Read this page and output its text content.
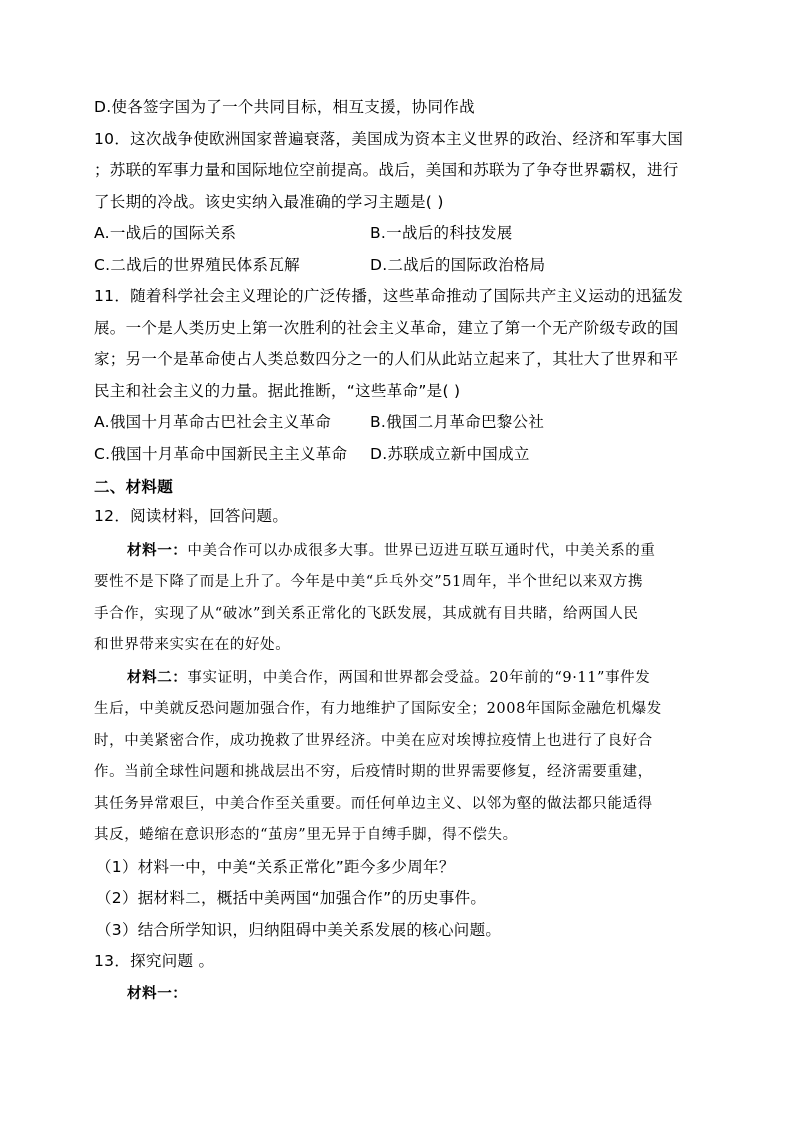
D.使各签字国为了一个共同目标，相互支援，协同作战
10．这次战争使欧洲国家普遍衰落，美国成为资本主义世界的政治、经济和军事大国
；苏联的军事力量和国际地位空前提高。战后，美国和苏联为了争夺世界霸权，进行
了长期的冷战。该史实纳入最准确的学习主题是( )
A.一战后的国际关系	B.一战后的科技发展
C.二战后的世界殖民体系瓦解	D.二战后的国际政治格局
11．随着科学社会主义理论的广泛传播，这些革命推动了国际共产主义运动的迅猛发
展。一个是人类历史上第一次胜利的社会主义革命，建立了第一个无产阶级专政的国
家；另一个是革命使占人类总数四分之一的人们从此站立起来了，其壮大了世界和平
民主和社会主义的力量。据此推断，“这些革命”是( )
A.俄国十月革命古巴社会主义革命	B.俄国二月革命巴黎公社
C.俄国十月革命中国新民主主义革命	D.苏联成立新中国成立
二、材料题
12．阅读材料，回答问题。
材料一：中美合作可以办成很多大事。世界已迈进互联互通时代，中美关系的重
要性不是下降了而是上升了。今年是中美“乒乓外交”51周年，半个世纪以来双方携
手合作，实现了从“破冰”到关系正常化的飞跃发展，其成就有目共睹，给两国人民
和世界带来实实在在的好处。
材料二：事实证明，中美合作，两国和世界都会受益。20年前的“9·11”事件发
生后，中美就反恐问题加强合作，有力地维护了国际安全；2008年国际金融危机爆发
时，中美紧密合作，成功挽救了世界经济。中美在应对埃博拉疫情上也进行了良好合
作。当前全球性问题和挑战层出不穷，后疫情时期的世界需要修复，经济需要重建，
其任务异常艰巨，中美合作至关重要。而任何单边主义、以邻为壑的做法都只能适得
其反，蜷缩在意识形态的“茧房”里无异于自缚手脚，得不偿失。
（1）材料一中，中美“关系正常化”距今多少周年？
（2）据材料二，概括中美两国“加强合作”的历史事件。
（3）结合所学知识，归纳阻碍中美关系发展的核心问题。
13．探究问题 。
材料一：
